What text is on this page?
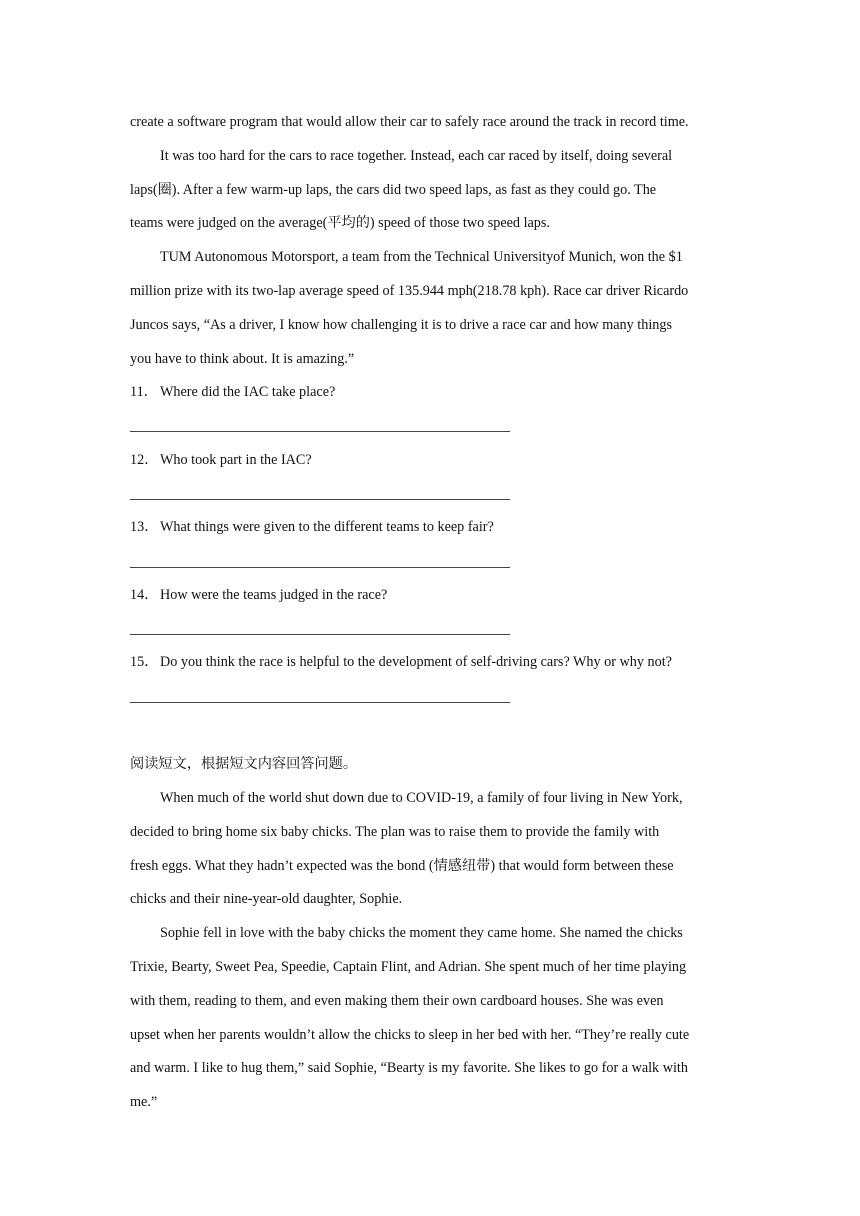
create a software program that would allow their car to safely race around the track in record time.
It was too hard for the cars to race together. Instead, each car raced by itself, doing several
laps(圈). After a few warm-up laps, the cars did two speed laps, as fast as they could go. The
teams were judged on the average(平均的) speed of those two speed laps.
TUM Autonomous Motorsport, a team from the Technical Universityof Munich, won the $1
million prize with its two-lap average speed of 135.944 mph(218.78 kph). Race car driver Ricardo
Juncos says, “As a driver, I know how challenging it is to drive a race car and how many things
you have to think about. It is amazing.”
11． Where did the IAC take place?
12． Who took part in the IAC?
13． What things were given to the different teams to keep fair?
14． How were the teams judged in the race?
15． Do you think the race is helpful to the development of self-driving cars? Why or why not?
阅读短文，根据短文内容回答问题。
When much of the world shut down due to COVID-19, a family of four living in New York,
decided to bring home six baby chicks. The plan was to raise them to provide the family with
fresh eggs. What they hadn’t expected was the bond (情感纽带) that would form between these
chicks and their nine-year-old daughter, Sophie.
Sophie fell in love with the baby chicks the moment they came home. She named the chicks
Trixie, Bearty, Sweet Pea, Speedie, Captain Flint, and Adrian. She spent much of her time playing
with them, reading to them, and even making them their own cardboard houses. She was even
upset when her parents wouldn’t allow the chicks to sleep in her bed with her. “They’re really cute
and warm. I like to hug them,” said Sophie, “Bearty is my favorite. She likes to go for a walk with
me.”
